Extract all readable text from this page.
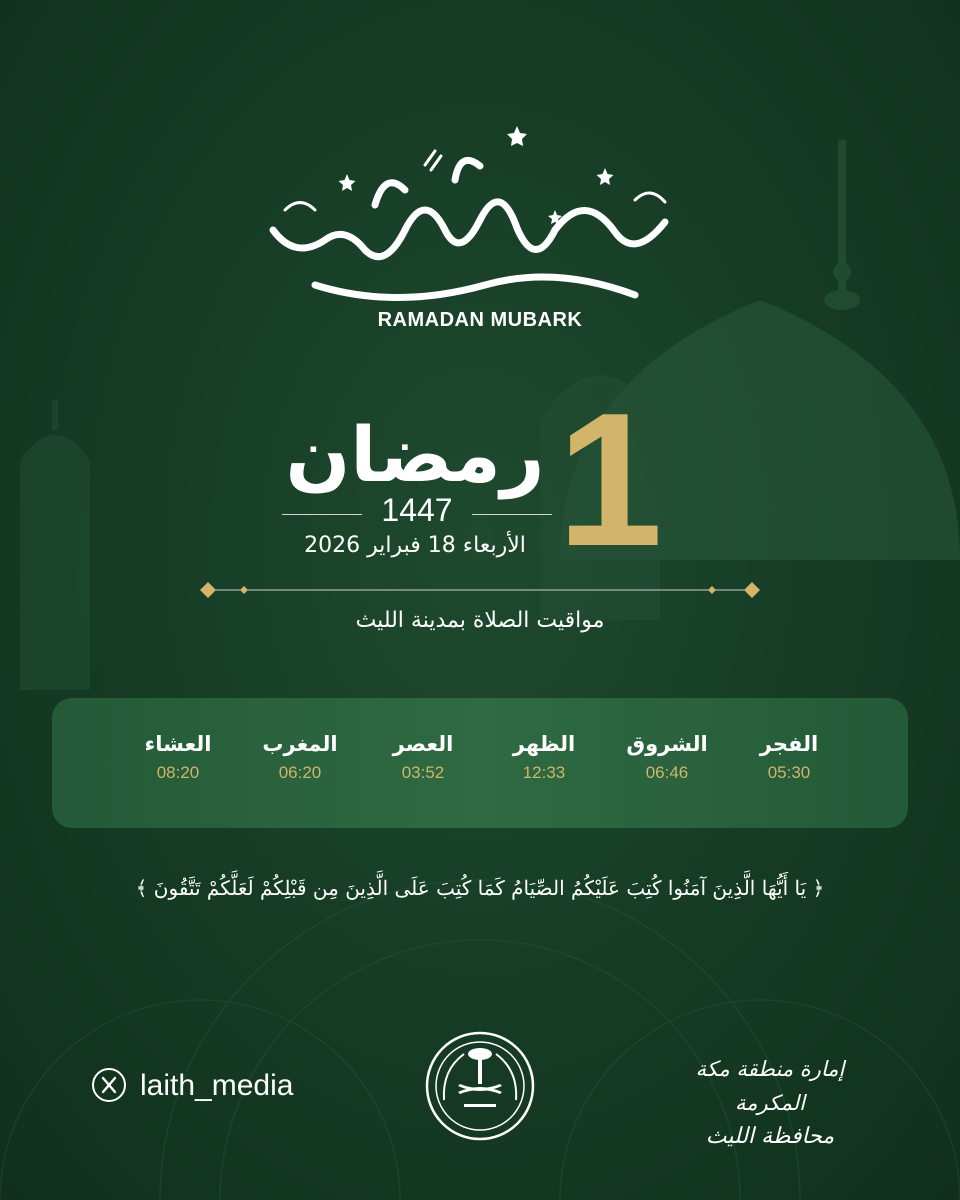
RAMADAN MUBARK
1
رمضان
1447
الأربعاء 18 فبراير 2026
مواقيت الصلاة بمدينة الليث
الفجر
05:30
الشروق
06:46
الظهر
12:33
العصر
03:52
المغرب
06:20
العشاء
08:20
﴿ يَا أَيُّهَا الَّذِينَ آمَنُوا كُتِبَ عَلَيْكُمُ الصِّيَامُ كَمَا كُتِبَ عَلَى الَّذِينَ مِن قَبْلِكُمْ لَعَلَّكُمْ تَتَّقُونَ ﴾
laith_media	إمارة منطقة مكة المكرمة
محافظة الليث
